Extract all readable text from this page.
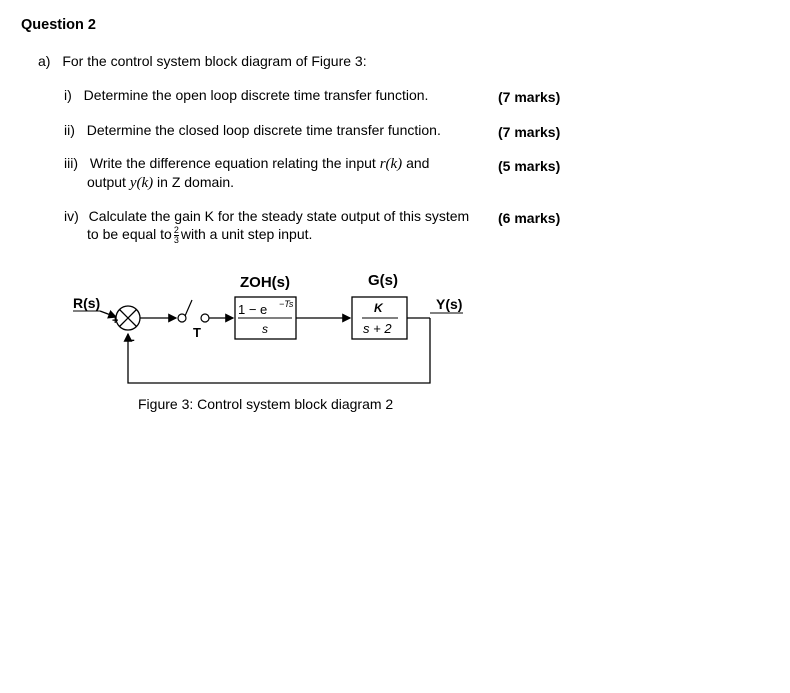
Question 2
a) For the control system block diagram of Figure 3:
i) Determine the open loop discrete time transfer function.	(7 marks)
ii) Determine the closed loop discrete time transfer function.	(7 marks)
iii) Write the difference equation relating the input r(k) and
output y(k) in Z domain.
(5 marks)
iv) Calculate the gain K for the steady state output of this system
to be equal to $\frac{2}{3}$ with a unit step input.
(6 marks)
R(s)
+
-	T
ZOH(s)
1 − e −Ts
s
G(s)
K
s + 2
Y(s)
Figure 3: Control system block diagram 2
